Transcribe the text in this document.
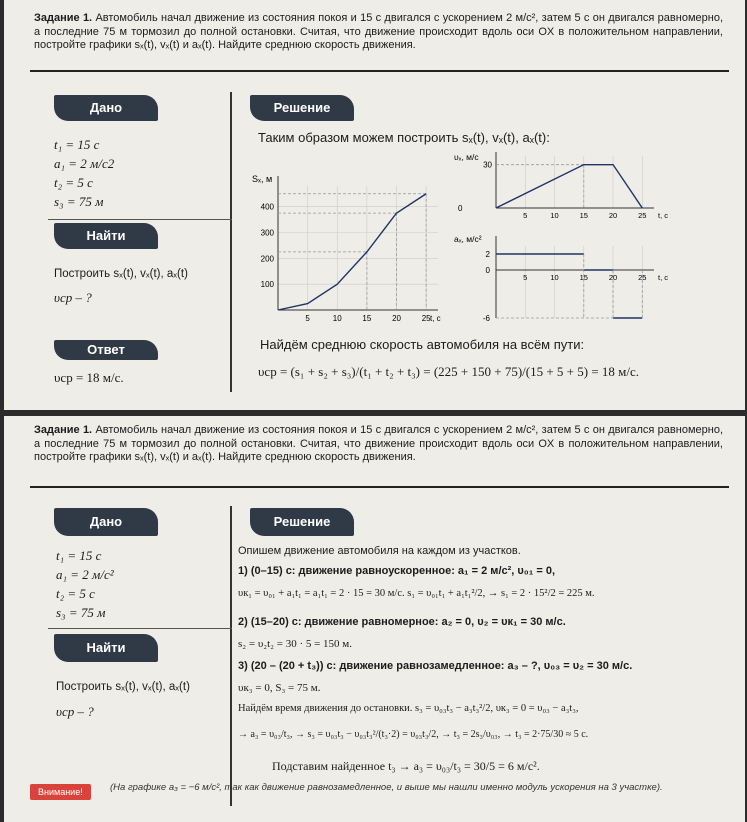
Задание 1. Автомобиль начал движение из состояния покоя и 15 с двигался с ускорением 2 м/с², затем 5 с он двигался равномерно, а последние 75 м тормозил до полной остановки. Считая, что движение происходит вдоль оси OX в положительном направлении, постройте графики sₓ(t), vₓ(t) и aₓ(t). Найдите среднюю скорость движения.
Дано
t₁ = 15 с
a₁ = 2 м/с2
t₂ = 5 с
s₃ = 75 м
Найти
Построить sₓ(t), vₓ(t), aₓ(t)
υср – ?
Ответ
υср = 18 м/с.
Решение
Таким образом можем построить sₓ(t), vₓ(t), aₓ(t):
5	10	15	20	25
100
200
300
400
Sₓ, м
t, с
5	10	15	20	25
30
0
υₓ, м/с
t, с
5	10	15	20	25
2
0
-6
aₓ, м/с²
t, с
Найдём среднюю скорость автомобиля на всём пути:
υср = (s₁ + s₂ + s₃)/(t₁ + t₂ + t₃) = (225 + 150 + 75)/(15 + 5 + 5) = 18 м/с.
Задание 1. Автомобиль начал движение из состояния покоя и 15 с двигался с ускорением 2 м/с², затем 5 с он двигался равномерно, а последние 75 м тормозил до полной остановки. Считая, что движение происходит вдоль оси OX в положительном направлении, постройте графики sₓ(t), vₓ(t) и aₓ(t). Найдите среднюю скорость движения.
Дано
t₁ = 15 с
a₁ = 2 м/с²
t₂ = 5 с
s₃ = 75 м
Найти
Построить sₓ(t), vₓ(t), aₓ(t)
υср – ?
Решение
Опишем движение автомобиля на каждом из участков.
1) (0–15) с: движение равноускоренное: a₁ = 2 м/с², υ₀₁ = 0,
υк₁ = υ₀₁ + a₁t₁ = a₁t₁ = 2 · 15 = 30 м/с. s₁ = υ₀₁t₁ + a₁t₁²/2, → s₁ = 2 · 15²/2 = 225 м.
2) (15–20) с: движение равномерное: a₂ = 0, υ₂ = υк₁ = 30 м/с.
s₂ = υ₂t₂ = 30 · 5 = 150 м.
3) (20 – (20 + t₃)) с: движение равнозамедленное: a₃ – ?, υ₀₃ = υ₂ = 30 м/с.
υк₃ = 0, S₃ = 75 м.
Найдём время движения до остановки. s₃ = υ₀₃t₃ − a₃t₃²/2, υк₃ = 0 = υ₀₃ − a₃t₃,
→ a₃ = υ₀₃/t₃, → s₃ = υ₀₃t₃ − υ₀₃t₃²/(t₃·2) = υ₀₃t₃/2, → t₃ = 2s₃/υ₀₃, → t₃ = 2·75/30 ≈ 5 с.
Подставим найденное t₃ → a₃ = υ₀₃/t₃ = 30/5 = 6 м/с².
Внимание!	(На графике a₃ = −6 м/с², так как движение равнозамедленное, и выше мы нашли именно модуль ускорения на 3 участке).
